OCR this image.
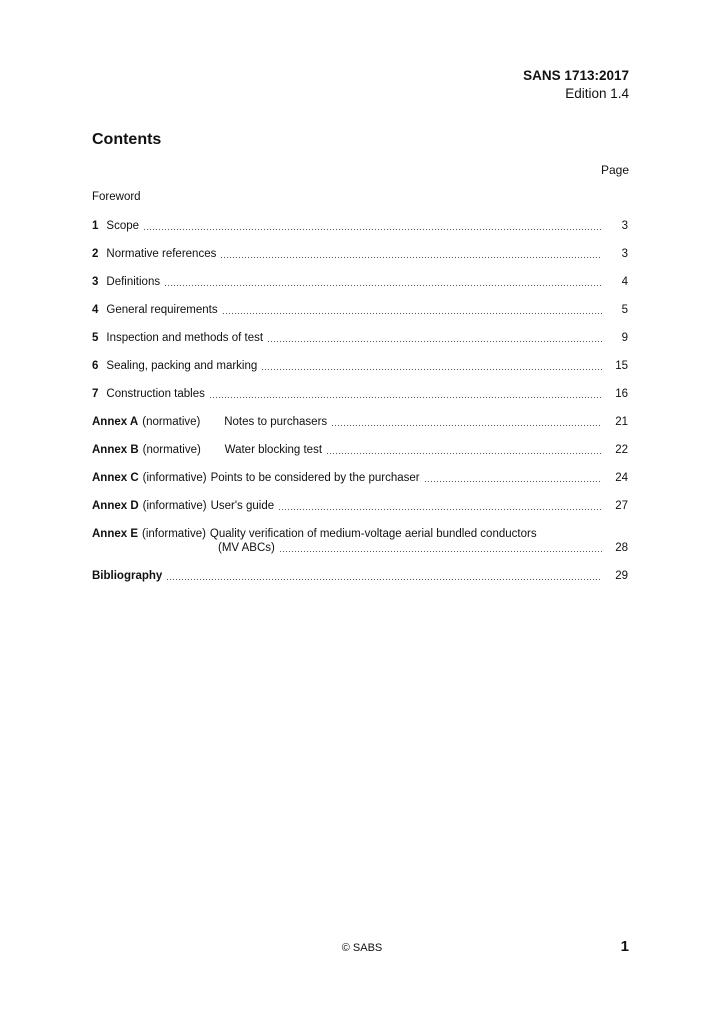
SANS 1713:2017
Edition 1.4
Contents
Page
Foreword
1 Scope	3
2 Normative references	3
3 Definitions	4
4 General requirements	5
5 Inspection and methods of test	9
6 Sealing, packing and marking	15
7 Construction tables	16
Annex A (normative)	Notes to purchasers	21
Annex B (normative)	Water blocking test	22
Annex C (informative) Points to be considered by the purchaser	24
Annex D (informative) User's guide	27
Annex E (informative) Quality verification of medium-voltage aerial bundled conductors
(MV ABCs)	28
Bibliography	29
© SABS	1
